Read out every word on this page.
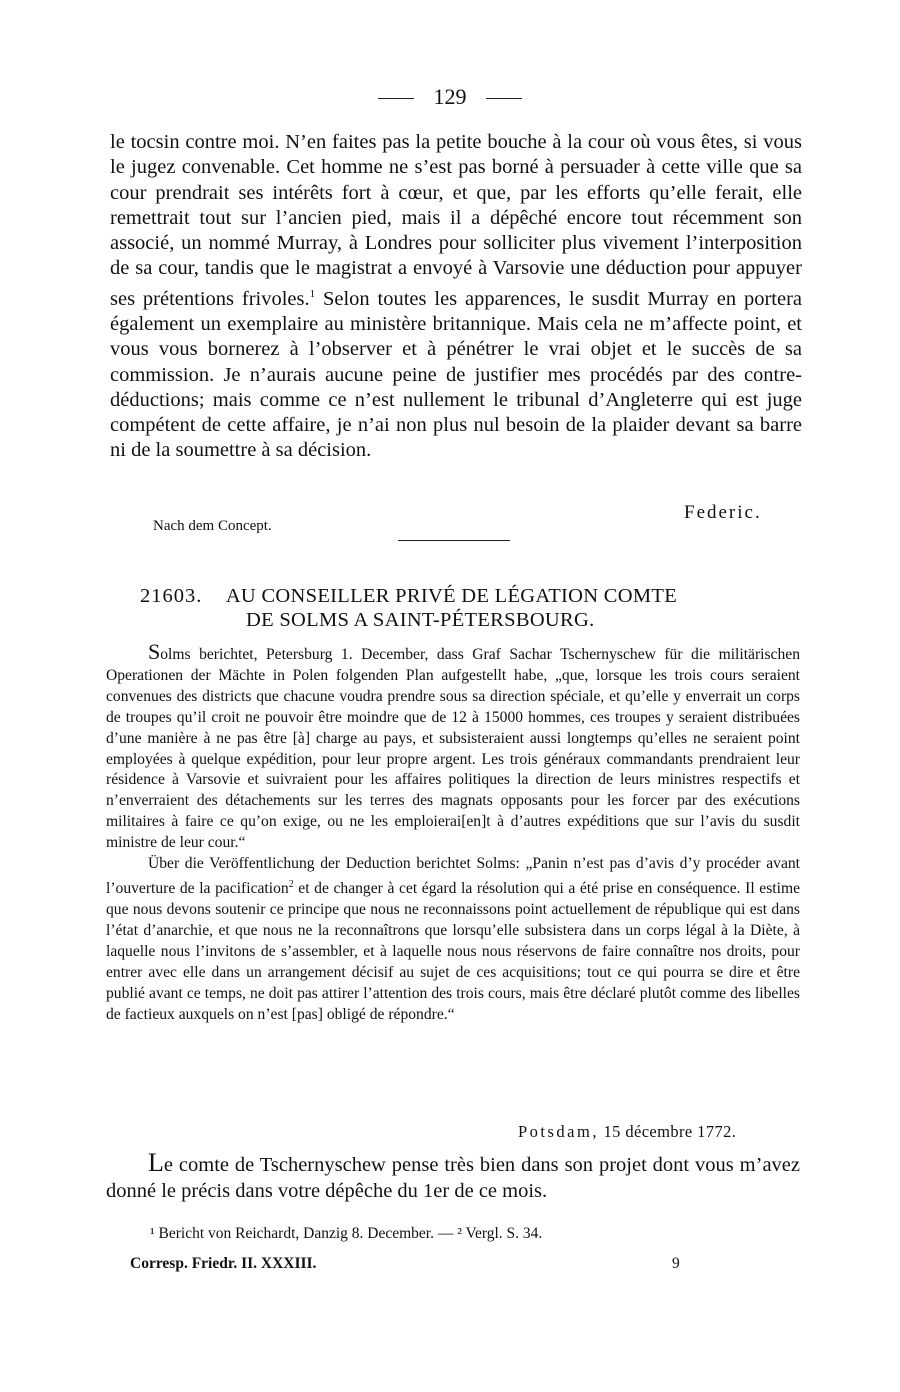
129

le tocsin contre moi. N’en faites pas la petite bouche à la cour où vous êtes, si vous le jugez convenable. Cet homme ne s’est pas borné à persuader à cette ville que sa cour prendrait ses intérêts fort à cœur, et que, par les efforts qu’elle ferait, elle remettrait tout sur l’ancien pied, mais il a dépêché encore tout récemment son associé, un nommé Murray, à Londres pour solliciter plus vivement l’interposition de sa cour, tandis que le magistrat a envoyé à Varsovie une déduction pour appuyer ses prétentions frivoles.$^1$ Selon toutes les apparences, le susdit Murray en portera également un exemplaire au ministère britannique. Mais cela ne m’affecte point, et vous vous bornerez à l’observer et à pénétrer le vrai objet et le succès de sa commission. Je n’aurais aucune peine de justifier mes procédés par des contre-déductions; mais comme ce n’est nullement le tribunal d’Angleterre qui est juge compétent de cette affaire, je n’ai non plus nul besoin de la plaider devant sa barre ni de la soumettre à sa décision.

Federic.
Nach dem Concept.
21603. AU CONSEILLER PRIVÉ DE LÉGATION COMTE
DE SOLMS A SAINT-PÉTERSBOURG.

Solms berichtet, Petersburg 1. December, dass Graf Sachar Tschernyschew für die militärischen Operationen der Mächte in Polen folgenden Plan aufgestellt habe, „que, lorsque les trois cours seraient convenues des districts que chacune voudra prendre sous sa direction spéciale, et qu’elle y enverrait un corps de troupes qu’il croit ne pouvoir être moindre que de 12 à 15000 hommes, ces troupes y seraient distribuées d’une manière à ne pas être [à] charge au pays, et subsisteraient aussi longtemps qu’elles ne seraient point employées à quelque expédition, pour leur propre argent. Les trois généraux commandants prendraient leur résidence à Varsovie et suivraient pour les affaires politiques la direction de leurs ministres respectifs et n’enverraient des détachements sur les terres des magnats opposants pour les forcer par des exécutions militaires à faire ce qu’on exige, ou ne les emploierai[en]t à d’autres expéditions que sur l’avis du susdit ministre de leur cour.“

Über die Veröffentlichung der Deduction berichtet Solms: „Panin n’est pas d’avis d’y procéder avant l’ouverture de la pacification$^2$ et de changer à cet égard la résolution qui a été prise en conséquence. Il estime que nous devons soutenir ce principe que nous ne reconnaissons point actuellement de république qui est dans l’état d’anarchie, et que nous ne la reconnaîtrons que lorsqu’elle subsistera dans un corps légal à la Diète, à laquelle nous l’invitons de s’assembler, et à laquelle nous nous réservons de faire connaître nos droits, pour entrer avec elle dans un arrangement décisif au sujet de ces acquisitions; tout ce qui pourra se dire et être publié avant ce temps, ne doit pas attirer l’attention des trois cours, mais être déclaré plutôt comme des libelles de factieux auxquels on n’est [pas] obligé de répondre.“

Potsdam, 15 décembre 1772.

Le comte de Tschernyschew pense très bien dans son projet dont vous m’avez donné le précis dans votre dépêche du 1er de ce mois.

¹ Bericht von Reichardt, Danzig 8. December. — ² Vergl. S. 34.
Corresp. Friedr. II. XXXIII.	9
